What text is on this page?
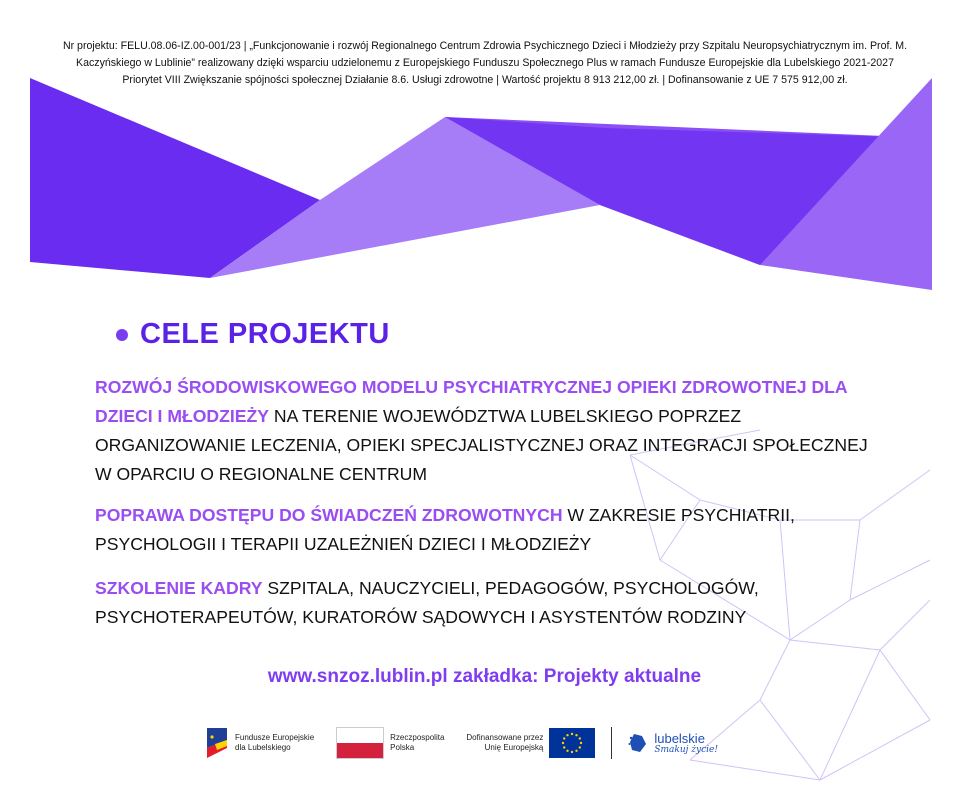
Nr projektu: FELU.08.06-IZ.00-001/23 | „Funkcjonowanie i rozwój Regionalnego Centrum Zdrowia Psychicznego Dzieci i Młodzieży przy Szpitalu Neuropsychiatrycznym im. Prof. M. Kaczyńskiego w Lublinie” realizowany dzięki wsparciu udzielonemu z Europejskiego Funduszu Społecznego Plus w ramach Fundusze Europejskie dla Lubelskiego 2021-2027 Priorytet VIII Zwiększanie spójności społecznej Działanie 8.6. Usługi zdrowotne | Wartość projektu 8 913 212,00 zł. | Dofinansowanie z UE 7 575 912,00 zł.
CELE PROJEKTU
ROZWÓJ ŚRODOWISKOWEGO MODELU PSYCHIATRYCZNEJ OPIEKI ZDROWOTNEJ DLA DZIECI I MŁODZIEŻY NA TERENIE WOJEWÓDZTWA LUBELSKIEGO POPRZEZ ORGANIZOWANIE LECZENIA, OPIEKI SPECJALISTYCZNEJ ORAZ INTEGRACJI SPOŁECZNEJ W OPARCIU O REGIONALNE CENTRUM
POPRAWA DOSTĘPU DO ŚWIADCZEŃ ZDROWOTNYCH W ZAKRESIE PSYCHIATRII, PSYCHOLOGII I TERAPII UZALEŻNIEŃ DZIECI I MŁODZIEŻY
SZKOLENIE KADRY SZPITALA, NAUCZYCIELI, PEDAGOGÓW, PSYCHOLOGÓW, PSYCHOTERAPEUTÓW, KURATORÓW SĄDOWYCH I ASYSTENTÓW RODZINY
www.snzoz.lublin.pl zakładka: Projekty aktualne
Fundusze Europejskie
dla Lubelskiego
Rzeczpospolita
Polska
Dofinansowane przez
Unię Europejską
lubelskie
Smakuj życie!
